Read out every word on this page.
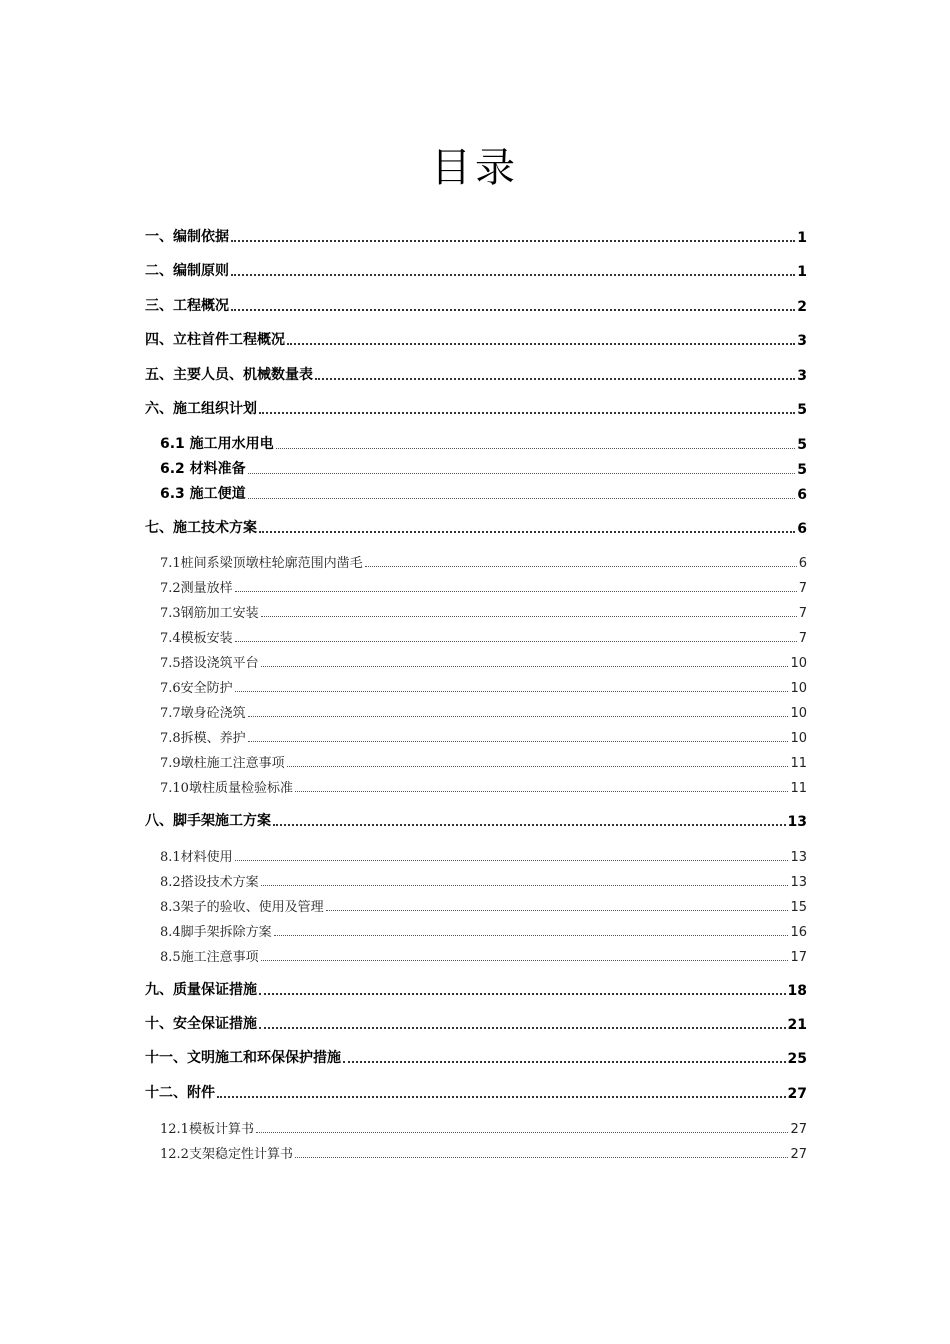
目录
一、编制依据	1
二、编制原则	1
三、工程概况	2
四、立柱首件工程概况	3
五、主要人员、机械数量表	3
六、施工组织计划	5
6.1 施工用水用电	5
6.2 材料准备	5
6.3 施工便道	6
七、施工技术方案	6
7.1桩间系梁顶墩柱轮廓范围内凿毛	6
7.2测量放样	7
7.3钢筋加工安装	7
7.4模板安装	7
7.5搭设浇筑平台	10
7.6安全防护	10
7.7墩身砼浇筑	10
7.8拆模、养护	10
7.9墩柱施工注意事项	11
7.10墩柱质量检验标准	11
八、脚手架施工方案	13
8.1材料使用	13
8.2搭设技术方案	13
8.3架子的验收、使用及管理	15
8.4脚手架拆除方案	16
8.5施工注意事项	17
九、质量保证措施	18
十、安全保证措施	21
十一、文明施工和环保保护措施	25
十二、附件	27
12.1模板计算书	27
12.2支架稳定性计算书	27
